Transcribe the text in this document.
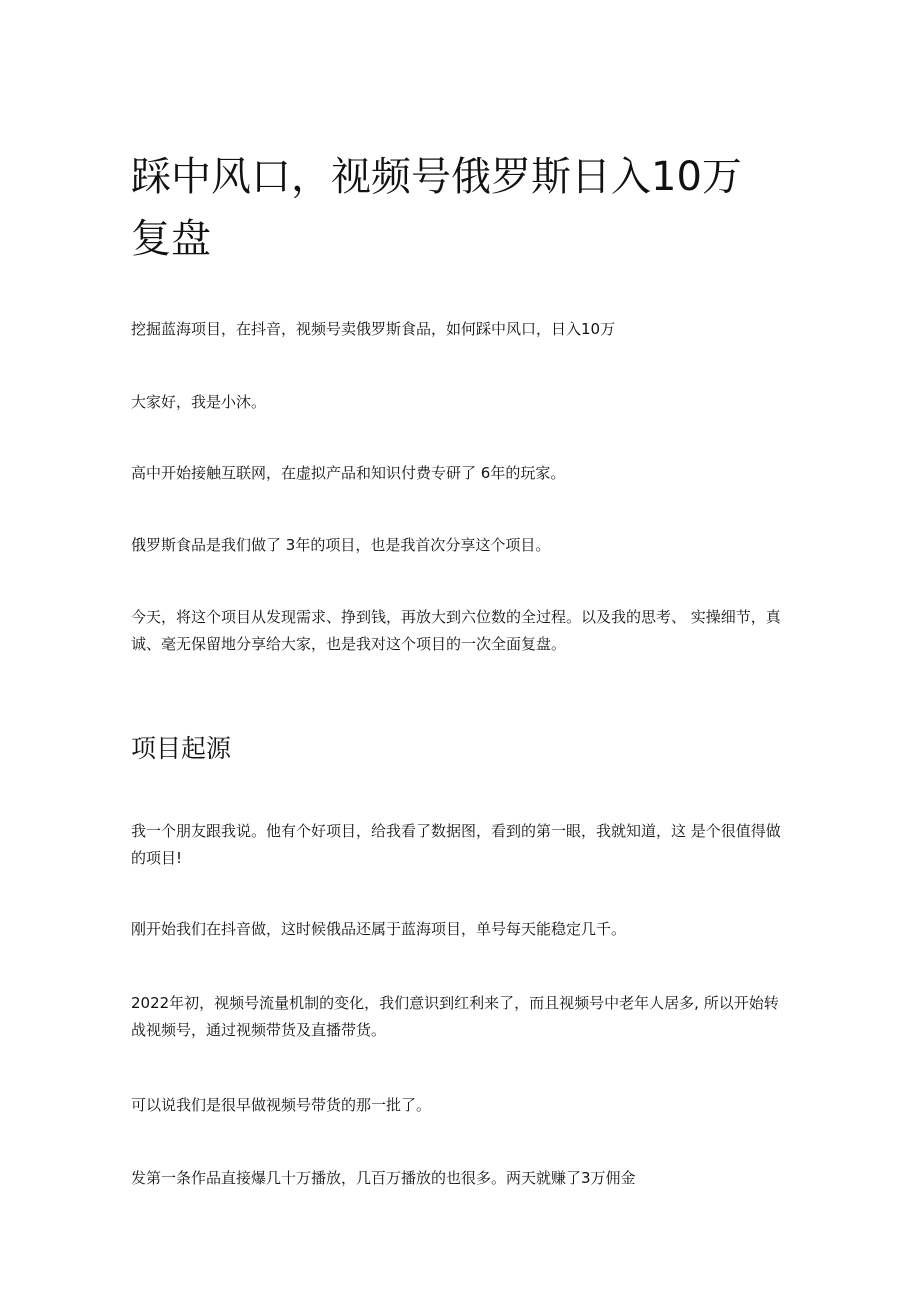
踩中风口，视频号俄罗斯日入10万 复盘

挖掘蓝海项目，在抖音，视频号卖俄罗斯食品，如何踩中风口，日入10万

大家好，我是小沐。

高中开始接触互联网，在虚拟产品和知识付费专研了 6年的玩家。

俄罗斯食品是我们做了 3年的项目，也是我首次分享这个项目。

今天，将这个项目从发现需求、挣到钱，再放大到六位数的全过程。以及我的思考、 实操细节，真诚、毫无保留地分享给大家，也是我对这个项目的一次全面复盘。

项目起源

我一个朋友跟我说。他有个好项目，给我看了数据图，看到的第一眼，我就知道，这 是个很值得做的项目!

刚开始我们在抖音做，这时候俄品还属于蓝海项目，单号每天能稳定几千。

2022年初，视频号流量机制的变化，我们意识到红利来了，而且视频号中老年人居多, 所以开始转战视频号，通过视频带货及直播带货。

可以说我们是很早做视频号带货的那一批了。

发第一条作品直接爆几十万播放，几百万播放的也很多。两天就赚了3万佣金
